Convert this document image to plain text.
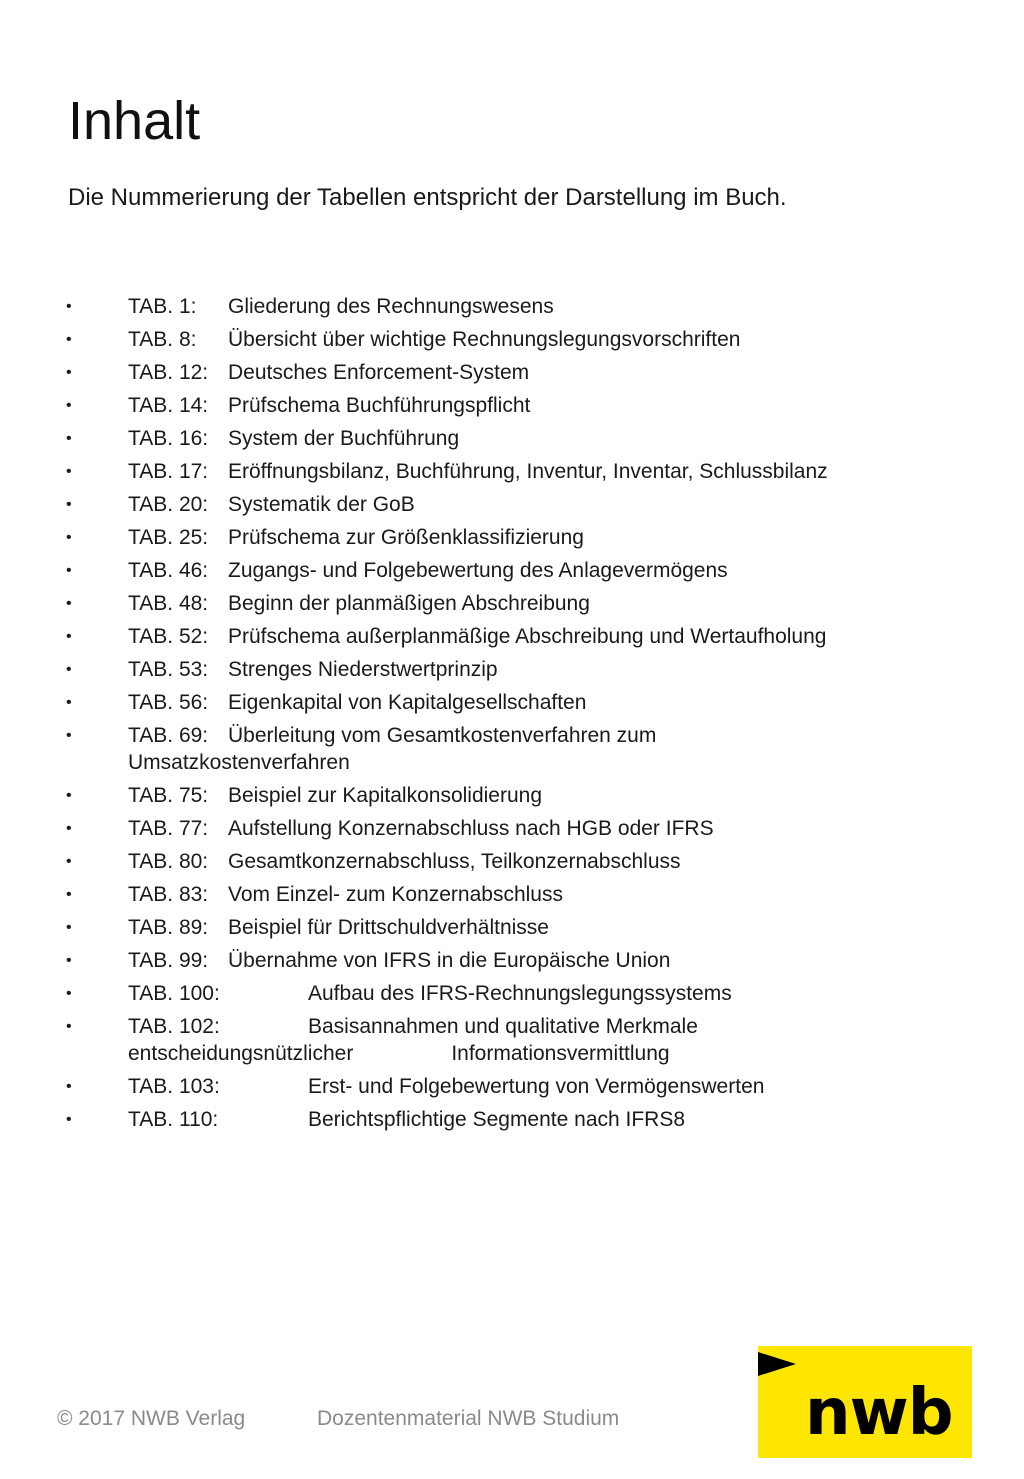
Inhalt

Die Nummerierung der Tabellen entspricht der Darstellung im Buch.

•	TAB. 1: Gliederung des Rechnungswesens
•	TAB. 8: Übersicht über wichtige Rechnungslegungsvorschriften
•	TAB. 12: Deutsches Enforcement-System
•	TAB. 14: Prüfschema Buchführungspflicht
•	TAB. 16: System der Buchführung
•	TAB. 17: Eröffnungsbilanz, Buchführung, Inventur, Inventar, Schlussbilanz
•	TAB. 20: Systematik der GoB
•	TAB. 25: Prüfschema zur Größenklassifizierung
•	TAB. 46: Zugangs- und Folgebewertung des Anlagevermögens
•	TAB. 48: Beginn der planmäßigen Abschreibung
•	TAB. 52: Prüfschema außerplanmäßige Abschreibung und Wertaufholung
•	TAB. 53: Strenges Niederstwertprinzip
•	TAB. 56: Eigenkapital von Kapitalgesellschaften
•	TAB. 69: Überleitung vom Gesamtkostenverfahren zum
Umsatzkostenverfahren
•	TAB. 75: Beispiel zur Kapitalkonsolidierung
•	TAB. 77: Aufstellung Konzernabschluss nach HGB oder IFRS
•	TAB. 80: Gesamtkonzernabschluss, Teilkonzernabschluss
•	TAB. 83: Vom Einzel- zum Konzernabschluss
•	TAB. 89: Beispiel für Drittschuldverhältnisse
•	TAB. 99: Übernahme von IFRS in die Europäische Union
•	TAB. 100:	Aufbau des IFRS-Rechnungslegungssystems
•	TAB. 102:	Basisannahmen und qualitative Merkmale
entscheidungsnützlicher	Informationsvermittlung
•	TAB. 103:	Erst- und Folgebewertung von Vermögenswerten
•	TAB. 110:	Berichtspflichtige Segmente nach IFRS8
© 2017 NWB Verlag	Dozentenmaterial NWB Studium	nwb
